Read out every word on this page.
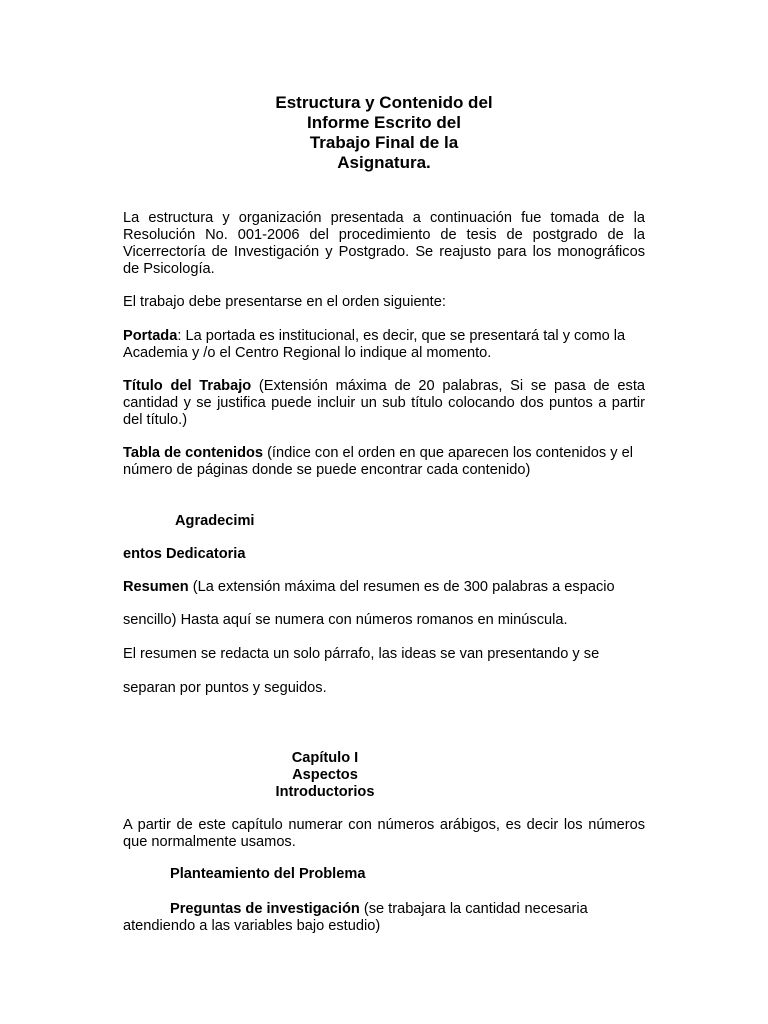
Estructura y Contenido del
Informe Escrito del
Trabajo Final de la
Asignatura.

La estructura y organización presentada a continuación fue tomada de la Resolución No. 001-2006 del procedimiento de tesis de postgrado de la Vicerrectoría de Investigación y Postgrado. Se reajusto para los monográficos de Psicología.

El trabajo debe presentarse en el orden siguiente:

Portada: La portada es institucional, es decir, que se presentará tal y como la Academia y /o el Centro Regional lo indique al momento.

Título del Trabajo (Extensión máxima de 20 palabras, Si se pasa de esta cantidad y se justifica puede incluir un sub título colocando dos puntos a partir del título.)

Tabla de contenidos (índice con el orden en que aparecen los contenidos y el número de páginas donde se puede encontrar cada contenido)

Agradecimi

entos Dedicatoria

Resumen (La extensión máxima del resumen es de 300 palabras a espacio

sencillo) Hasta aquí se numera con números romanos en minúscula.

El resumen se redacta un solo párrafo, las ideas se van presentando y se

separan por puntos y seguidos.

Capítulo I
Aspectos
Introductorios

A partir de este capítulo numerar con números arábigos, es decir los números que normalmente usamos.

Planteamiento del Problema

Preguntas de investigación (se trabajara la cantidad necesaria atendiendo a las variables bajo estudio)
